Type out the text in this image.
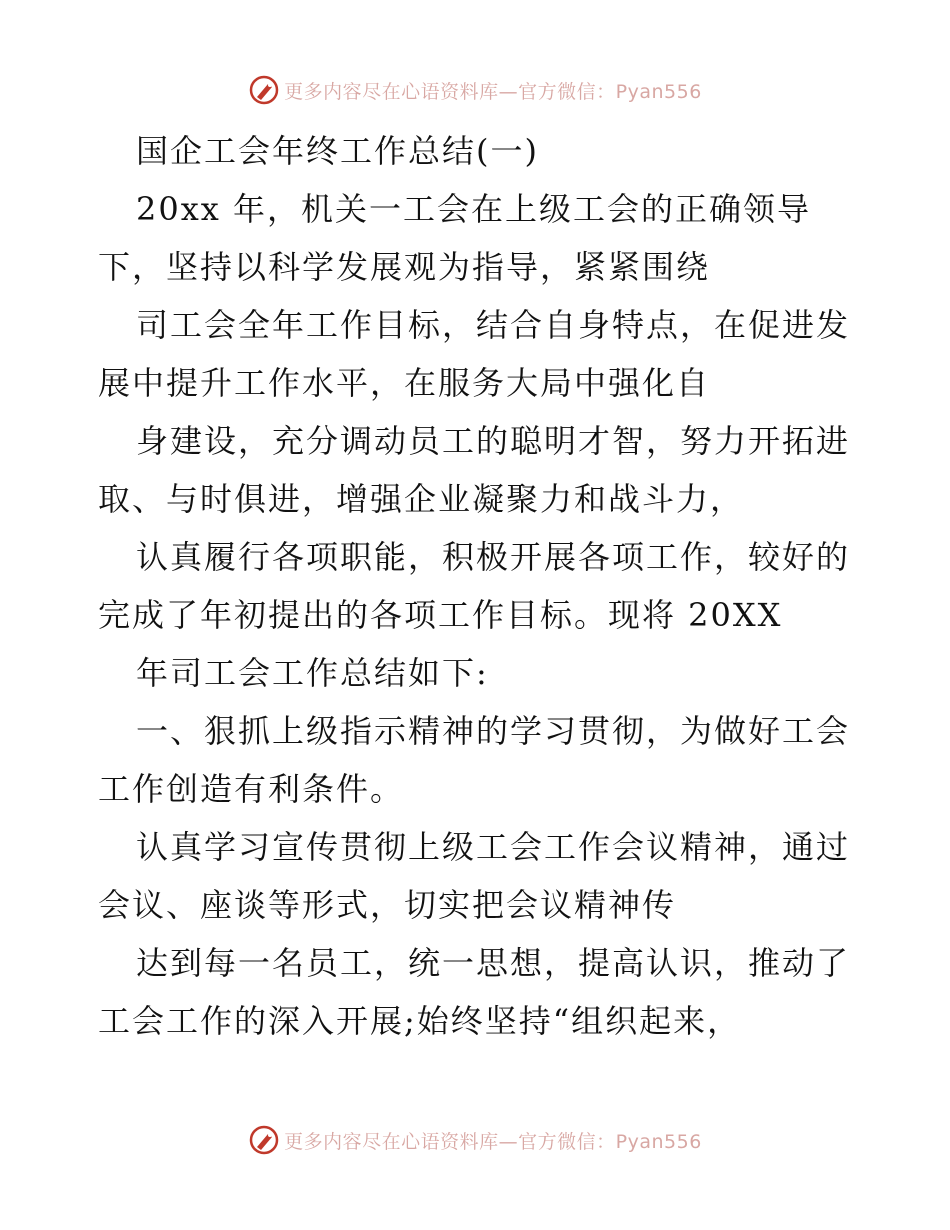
更多内容尽在心语资料库—官方微信：Pyan556
国企工会年终工作总结(一)
20xx 年，机关一工会在上级工会的正确领导
下，坚持以科学发展观为指导，紧紧围绕
司工会全年工作目标，结合自身特点，在促进发
展中提升工作水平，在服务大局中强化自
身建设，充分调动员工的聪明才智，努力开拓进
取、与时俱进，增强企业凝聚力和战斗力，
认真履行各项职能，积极开展各项工作，较好的
完成了年初提出的各项工作目标。现将 20XX
年司工会工作总结如下:
一、狠抓上级指示精神的学习贯彻，为做好工会
工作创造有利条件。
认真学习宣传贯彻上级工会工作会议精神，通过
会议、座谈等形式，切实把会议精神传
达到每一名员工，统一思想，提高认识，推动了
工会工作的深入开展;始终坚持“组织起来，
更多内容尽在心语资料库—官方微信：Pyan556
